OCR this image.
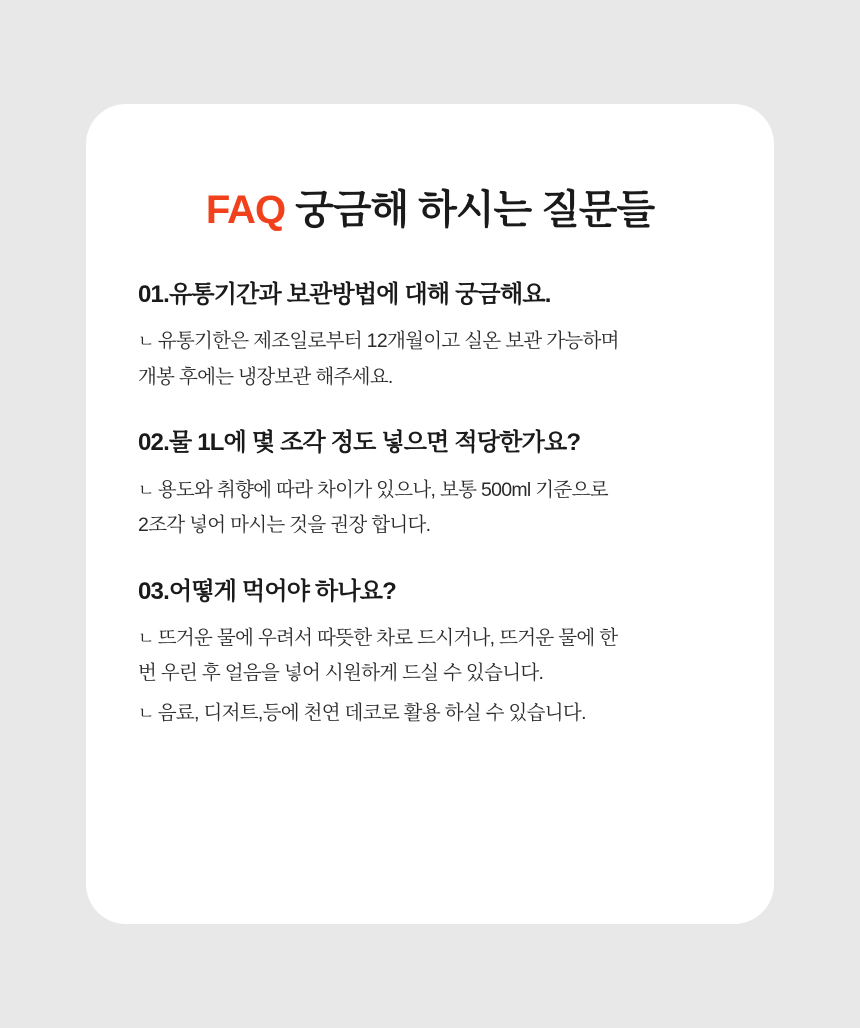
FAQ 궁금해 하시는 질문들
01.유통기간과 보관방법에 대해 궁금해요.
ㄴ 유통기한은 제조일로부터 12개월이고 실온 보관 가능하며
개봉 후에는 냉장보관 해주세요.
02.물 1L에 몇 조각 정도 넣으면 적당한가요?
ㄴ 용도와 취향에 따라 차이가 있으나, 보통 500ml 기준으로
2조각 넣어 마시는 것을 권장 합니다.
03.어떻게 먹어야 하나요?
ㄴ 뜨거운 물에 우려서 따뜻한 차로 드시거나, 뜨거운 물에 한
번 우린 후 얼음을 넣어 시원하게 드실 수 있습니다.
ㄴ 음료, 디저트,등에 천연 데코로 활용 하실 수 있습니다.
